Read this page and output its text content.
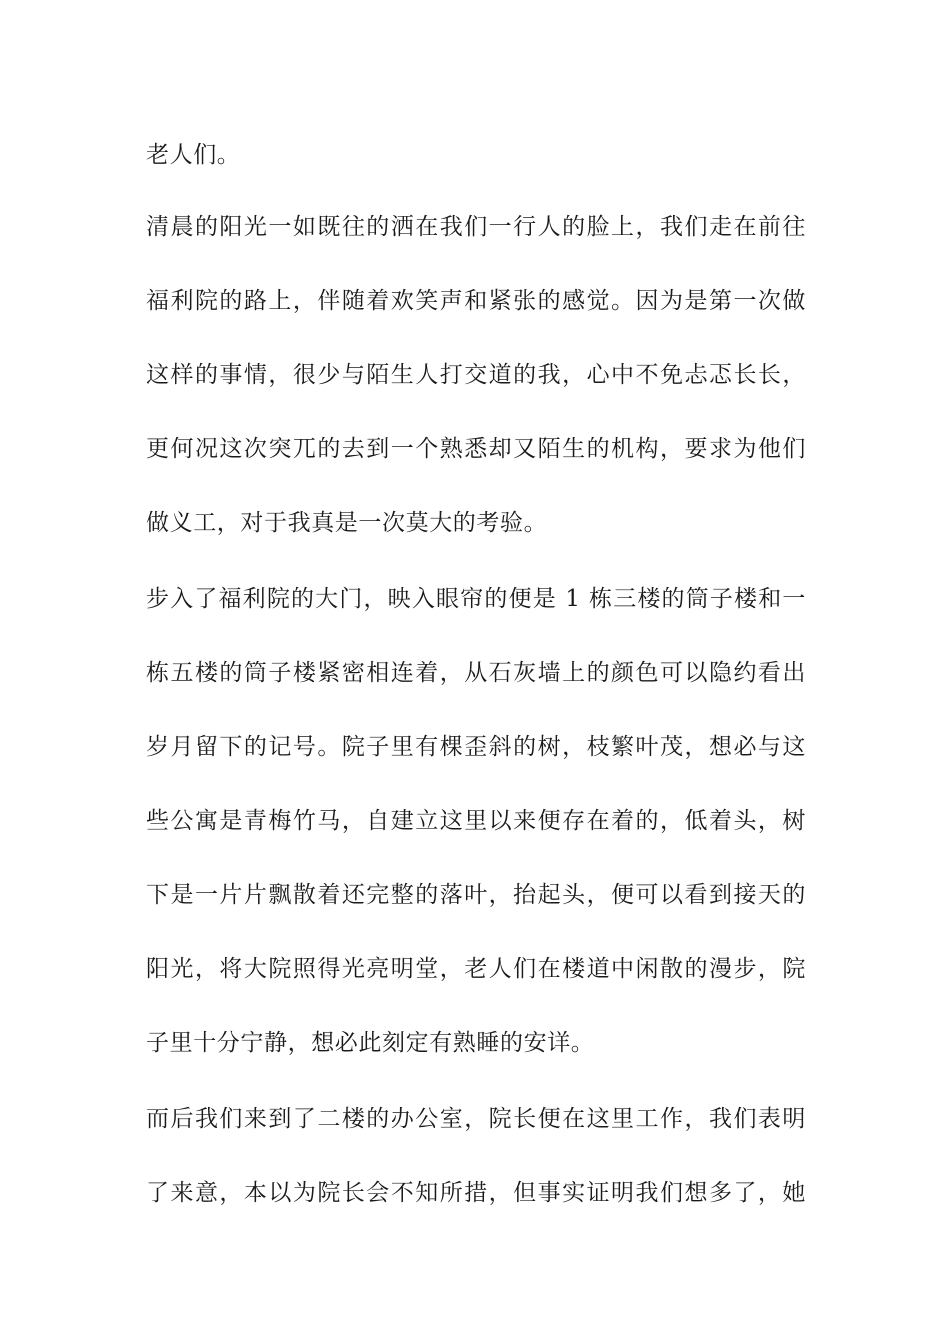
老人们。
清晨的阳光一如既往的洒在我们一行人的脸上，我们走在前往
福利院的路上，伴随着欢笑声和紧张的感觉。因为是第一次做
这样的事情，很少与陌生人打交道的我，心中不免忐忑长长，
更何况这次突兀的去到一个熟悉却又陌生的机构，要求为他们
做义工，对于我真是一次莫大的考验。
步入了福利院的大门，映入眼帘的便是 1 栋三楼的筒子楼和一
栋五楼的筒子楼紧密相连着，从石灰墙上的颜色可以隐约看出
岁月留下的记号。院子里有棵歪斜的树，枝繁叶茂，想必与这
些公寓是青梅竹马，自建立这里以来便存在着的，低着头，树
下是一片片飘散着还完整的落叶，抬起头，便可以看到接天的
阳光，将大院照得光亮明堂，老人们在楼道中闲散的漫步，院
子里十分宁静，想必此刻定有熟睡的安详。
而后我们来到了二楼的办公室，院长便在这里工作，我们表明
了来意，本以为院长会不知所措，但事实证明我们想多了，她
